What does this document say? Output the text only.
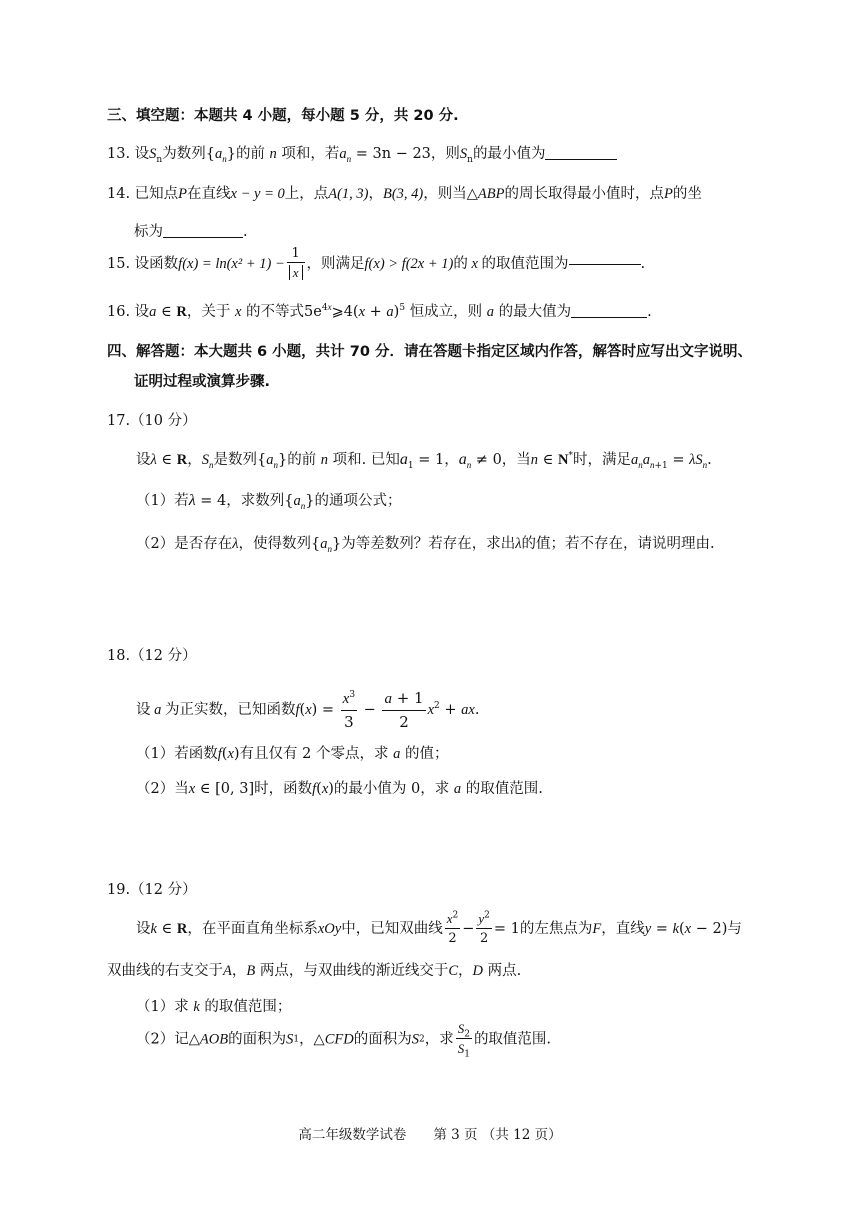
三、填空题：本题共 4 小题，每小题 5 分，共 20 分.
13. 设$S_n$为数列$\{a_n\}$的前 n 项和，若$a_n = 3n - 23$，则$S_n$的最小值为
14. 已知点P在直线x − y = 0上，点A(1, 3)，B(3, 4)，则当△ABP的周长取得最小值时，点P的坐
标为	.
15. 设函数$f(x) = \ln(x^2 + 1) - \frac{1}{x}$ ，则满足f(x) > f(2x + 1)的 x 的取值范围为	.
16. 设a ∈ R，关于 x 的不等式$5e^{4x}⩾4(x + a)^5$ 恒成立，则 a 的最大值为	.
四、解答题：本大题共 6 小题，共计 70 分．请在答题卡指定区域内作答，解答时应写出文字说明、
证明过程或演算步骤.
17.（10 分）
设λ ∈ R，$S_n$是数列$\{a_n\}$的前 n 项和. 已知$a_1 = 1$，$a_n \ne 0$，当n ∈ N*时，满足$a_na_{n+1} = \lambda S_n$.
（1）若λ = 4，求数列$\{a_n\}$的通项公式；
（2）是否存在λ，使得数列$\{a_n\}$为等差数列？若存在，求出λ的值；若不存在，请说明理由.
18.（12 分）
设 a 为正实数，已知函数$f(x) = \frac{x^3}{3} - \frac{a + 1}{2} x^2$ + ax.
（1）若函数f(x)有且仅有 2 个零点，求 a 的值；
（2）当x ∈ [0, 3]时，函数f(x)的最小值为 0，求 a 的取值范围.
19.（12 分）
设k ∈ R，在平面直角坐标系xOy中，已知双曲线 $\frac{x^2}{2} - \frac{y^2}{2} = 1$的左焦点为F，直线y = k(x − 2)与
双曲线的右支交于A，B 两点，与双曲线的渐近线交于C，D 两点.
（1）求 k 的取值范围；
（2）记△AOB的面积为S1，△CFD的面积为S2，求 $\frac{S_2}{S_1}$ 的取值范围.
高二年级数学试卷　　第 3 页 （共 12 页）
